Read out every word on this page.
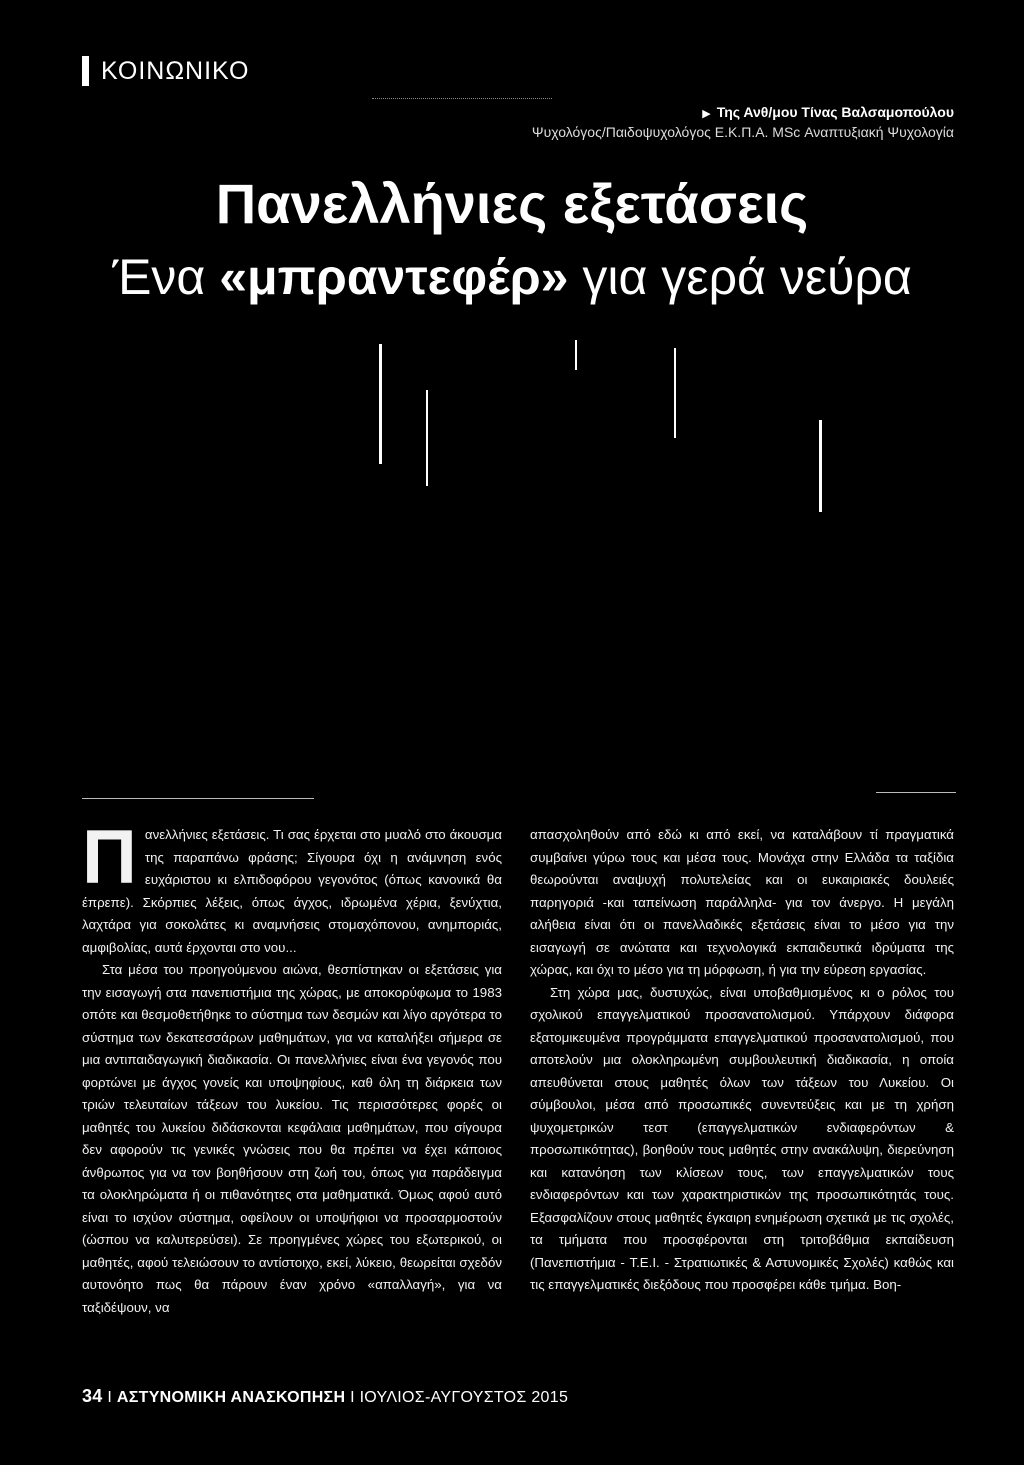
ΚΟΙΝΩΝΙΚΟ
▶ Της Ανθ/μου Τίνας Βαλσαμοπούλου
Ψυχολόγος/Παιδοψυχολόγος Ε.Κ.Π.Α. MSc Αναπτυξιακή Ψυχολογία
Πανελλήνιες εξετάσεις
Ένα «μπραντεφέρ» για γερά νεύρα

Πανελλήνιες εξετάσεις. Τι σας έρχεται στο μυαλό στο άκουσμα της παραπάνω φράσης; Σίγουρα όχι η ανάμνηση ενός ευχάριστου κι ελπιδοφόρου γεγονότος (όπως κανονικά θα έπρεπε). Σκόρπιες λέξεις, όπως άγχος, ιδρωμένα χέρια, ξενύχτια, λαχτάρα για σοκολάτες κι αναμνήσεις στομαχόπονου, ανημποριάς, αμφιβολίας, αυτά έρχονται στο νου...

Στα μέσα του προηγούμενου αιώνα, θεσπίστηκαν οι εξετάσεις για την εισαγωγή στα πανεπιστήμια της χώρας, με αποκορύφωμα το 1983 οπότε και θεσμοθετήθηκε το σύστημα των δεσμών και λίγο αργότερα το σύστημα των δεκατεσσάρων μαθημάτων, για να καταλήξει σήμερα σε μια αντιπαιδαγωγική διαδικασία. Οι πανελλήνιες είναι ένα γεγονός που φορτώνει με άγχος γονείς και υποψηφίους, καθ όλη τη διάρκεια των τριών τελευταίων τάξεων του λυκείου. Τις περισσότερες φορές οι μαθητές του λυκείου διδάσκονται κεφάλαια μαθημάτων, που σίγουρα δεν αφορούν τις γενικές γνώσεις που θα πρέπει να έχει κάποιος άνθρωπος για να τον βοηθήσουν στη ζωή του, όπως για παράδειγμα τα ολοκληρώματα ή οι πιθανότητες στα μαθηματικά. Όμως αφού αυτό είναι το ισχύον σύστημα, οφείλουν οι υποψήφιοι να προσαρμοστούν (ώσπου να καλυτερεύσει). Σε προηγμένες χώρες του εξωτερικού, οι μαθητές, αφού τελειώσουν το αντίστοιχο, εκεί, λύκειο, θεωρείται σχεδόν αυτονόητο πως θα πάρουν έναν χρόνο «απαλλαγή», για να ταξιδέψουν, να

απασχοληθούν από εδώ κι από εκεί, να καταλάβουν τί πραγματικά συμβαίνει γύρω τους και μέσα τους. Μονάχα στην Ελλάδα τα ταξίδια θεωρούνται αναψυχή πολυτελείας και οι ευκαιριακές δουλειές παρηγοριά -και ταπείνωση παράλληλα- για τον άνεργο. Η μεγάλη αλήθεια είναι ότι οι πανελλαδικές εξετάσεις είναι το μέσο για την εισαγωγή σε ανώτατα και τεχνολογικά εκπαιδευτικά ιδρύματα της χώρας, και όχι το μέσο για τη μόρφωση, ή για την εύρεση εργασίας.

Στη χώρα μας, δυστυχώς, είναι υποβαθμισμένος κι ο ρόλος του σχολικού επαγγελματικού προσανατολισμού. Υπάρχουν διάφορα εξατομικευμένα προγράμματα επαγγελματικού προσανατολισμού, που αποτελούν μια ολοκληρωμένη συμβουλευτική διαδικασία, η οποία απευθύνεται στους μαθητές όλων των τάξεων του Λυκείου. Οι σύμβουλοι, μέσα από προσωπικές συνεντεύξεις και με τη χρήση ψυχομετρικών τεστ (επαγγελματικών ενδιαφερόντων & προσωπικότητας), βοηθούν τους μαθητές στην ανακάλυψη, διερεύνηση και κατανόηση των κλίσεων τους, των επαγγελματικών τους ενδιαφερόντων και των χαρακτηριστικών της προσωπικότητάς τους. Εξασφαλίζουν στους μαθητές έγκαιρη ενημέρωση σχετικά με τις σχολές, τα τμήματα που προσφέρονται στη τριτοβάθμια εκπαίδευση (Πανεπιστήμια - Τ.Ε.Ι. - Στρατιωτικές & Αστυνομικές Σχολές) καθώς και τις επαγγελματικές διεξόδους που προσφέρει κάθε τμήμα. Βοη-

34 I ΑΣΤΥΝΟΜΙΚΗ ΑΝΑΣΚΟΠΗΣΗ I ΙΟΥΛΙΟΣ-ΑΥΓΟΥΣΤΟΣ 2015
